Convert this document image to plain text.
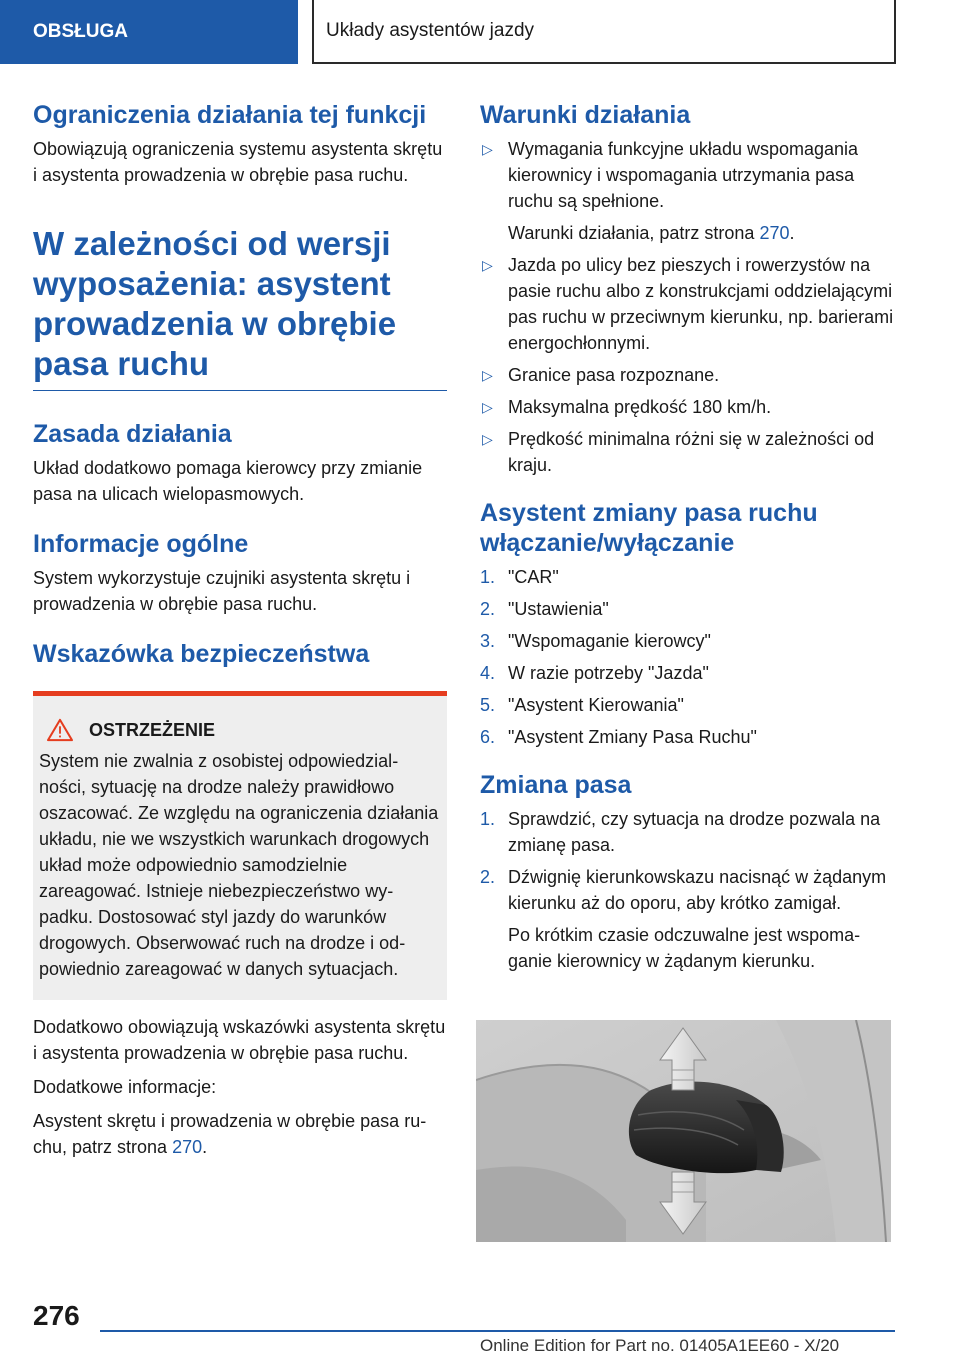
OBSŁUGA	Układy asystentów jazdy
Ograniczenia działania tej funkcji

Obowiązują ograniczenia systemu asystenta skrętu i asystenta prowadzenia w obrębie pasa ruchu.

W zależności od wersji wyposażenia: asystent prowadzenia w obrębie pasa ruchu
Zasada działania

Układ dodatkowo pomaga kierowcy przy zmianie pasa na ulicach wielopasmowych.

Informacje ogólne

System wykorzystuje czujniki asystenta skrętu i prowadzenia w obrębie pasa ruchu.

Wskazówka bezpieczeństwa
OSTRZEŻENIE

System nie zwalnia z osobistej odpowiedzialności, sytuację na drodze należy prawidłowo oszacować. Ze względu na ograniczenia działania układu, nie we wszystkich warunkach drogowych układ może odpowiednio samodzielnie zareagować. Istnieje niebezpieczeństwo wypadku. Dostosować styl jazdy do warunków drogowych. Obserwować ruch na drodze i odpowiednio zareagować w danych sytuacjach.

Dodatkowo obowiązują wskazówki asystenta skrętu i asystenta prowadzenia w obrębie pasa ruchu.

Dodatkowe informacje:

Asystent skrętu i prowadzenia w obrębie pasa ruchu, patrz strona 270.

Warunki działania
▷ Wymagania funkcyjne układu wspomagania kierownicy i wspomagania utrzymania pasa ruchu są spełnione.
Warunki działania, patrz strona 270.
▷ Jazda po ulicy bez pieszych i rowerzystów na pasie ruchu albo z konstrukcjami oddzielającymi pas ruchu w przeciwnym kierunku, np. barierami energochłonnymi.
▷ Granice pasa rozpoznane.
▷ Maksymalna prędkość 180 km/h.
▷ Prędkość minimalna różni się w zależności od kraju.
Asystent zmiany pasa ruchu włączanie/wyłączanie
1. "CAR"
2. "Ustawienia"
3. "Wspomaganie kierowcy"
4. W razie potrzeby "Jazda"
5. "Asystent Kierowania"
6. "Asystent Zmiany Pasa Ruchu"
Zmiana pasa
1. Sprawdzić, czy sytuacja na drodze pozwala na zmianę pasa.
2. Dźwignię kierunkowskazu nacisnąć w żądanym kierunku aż do oporu, aby krótko zamigał.
Po krótkim czasie odczuwalne jest wspomaganie kierownicy w żądanym kierunku.
276
Online Edition for Part no. 01405A1EE60 - X/20
